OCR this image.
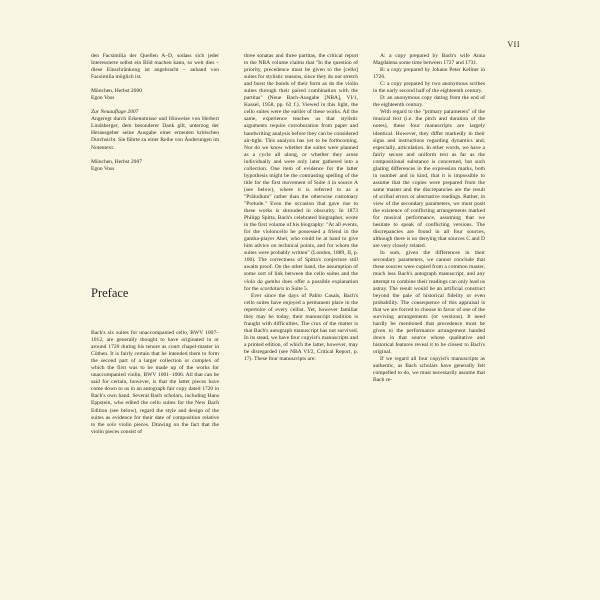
VII

den Facsimilia der Quellen A–D, sodass sich jeder Interessierte selbst ein Bild machen kann, so weit dies – diese Einschränkung ist angebracht – anhand von Facsimilia möglich ist.

München, Herbst 2000

Egon Voss

Zur Neuauflage 2007

Angeregt durch Erkenntnisse und Hinweise von Herbert Lindsberger, dem besonderer Dank gilt, unterzog der Herausgeber seine Ausgabe einer erneuten kritischen Durchsicht. Sie führte zu einer Reihe von Änderungen im Notentext.

München, Herbst 2007

Egon Voss

Preface

Bach's six suites for unaccompanied cello, BWV 1007–1012, are generally thought to have originated in or around 1720 during his tenure as court chapel-master in Cöthen. It is fairly certain that he intended them to form the second part of a larger collection or complex of which the first was to be made up of the works for unaccompanied violin, BWV 1001–1006. All that can be said for certain, however, is that the latter pieces have come down to us in an autograph fair copy dated 1720 in Bach's own hand. Several Bach scholars, including Hans Eppstein, who edited the cello suites for the New Bach Edition (see below), regard the style and design of the suites as evidence for their date of composition relative to the solo violin pieces. Drawing on the fact that the violin pieces consist of

three sonatas and three partitas, the critical report to the NBA volume claims that "In the question of priority, precedence must be given to the [cello] suites for stylistic reasons, since they do not stretch and burst the bonds of their form as do the violin suites through their paired combination with the partitas" (Neue Bach-Ausgabe [NBA], VI/1, Kassel, 1958, pp. 62 f.). Viewed in this light, the cello suites were the earlier of these works. All the same, experience teaches us that stylistic arguments require corroboration from paper and handwriting analysis before they can be considered air-tight. This analysis has yet to be forthcoming. Nor do we know whether the suites were planned as a cycle all along, or whether they arose individually and were only later gathered into a collection. One item of evidence for the latter hypothesis might be the contrasting spelling of the title for the first movement of Suite 4 in source A (see below), where it is referred to as a "Präludium" rather than the otherwise customary "Prelude." Even the occasion that gave rise to these works is shrouded in obscurity. In 1873 Philipp Spitta, Bach's celebrated biographer, wrote in the first volume of his biography: "At all events, for the violoncello he possessed a friend in the gamba-player Abel, who could be at hand to give him advice on technical points, and for whom the suites were probably written" (London, 1889, II, p. 100). The correctness of Spitta's conjecture still awaits proof. On the other hand, the assumption of some sort of link between the cello suites and the viola da gamba does offer a possible explanation for the scordatura in Suite 5.

Ever since the days of Pablo Casals, Bach's cello suites have enjoyed a permanent place in the repertoire of every cellist. Yet, however familiar they may be today, their manuscript tradition is fraught with difficulties. The crux of the matter is that Bach's autograph manuscript has not survived. In its stead, we have four copyist's manuscripts and a printed edition, of which the latter, however, may be disregarded (see NBA VI/2, Critical Report, p. 17). These four manuscripts are:

A: a copy prepared by Bach's wife Anna Magdalena some time between 1727 and 1731.

B: a copy prepared by Johann Peter Kellner in 1726.

C: a copy prepared by two anonymous scribes in the early second half of the eighteenth century.

D: an anonymous copy dating from the end of the eighteenth century.

With regard to the "primary parameters" of the musical text (i.e. the pitch and duration of the notes), these four manuscripts are largely identical. However, they differ markedly in their signs and instructions regarding dynamics and, especially, articulation. In other words, we have a fairly secure and uniform text as far as the compositional substance is concerned, but such glaring differences in the expression marks, both in number and in kind, that it is impossible to assume that the copies were prepared from the same master and the discrepancies are the result of scribal errors or alternative readings. Rather, in view of the secondary parameters, we must posit the existence of conflicting arrangements marked for musical performance, assuming that we hesitate to speak of conflicting versions. The discrepancies are found in all four sources, although there is no denying that sources C and D are very closely related.

In sum, given the differences in their secondary parameters, we cannot conclude that these sources were copied from a common master, much less Bach's autograph manuscript, and any attempt to combine their readings can only lead us astray. The result would be an artificial construct beyond the pale of historical fidelity or even probability. The consequence of this appraisal is that we are forced to choose in favor of one of the surviving arrangements (or versions). It need hardly be mentioned that precedence must be given to the performance arrangement handed down in that source whose qualitative and historical features reveal it to be closest to Bach's original.

If we regard all four copyist's manuscripts as authentic, as Bach scholars have generally felt compelled to do, we must necessarily assume that Bach re-
